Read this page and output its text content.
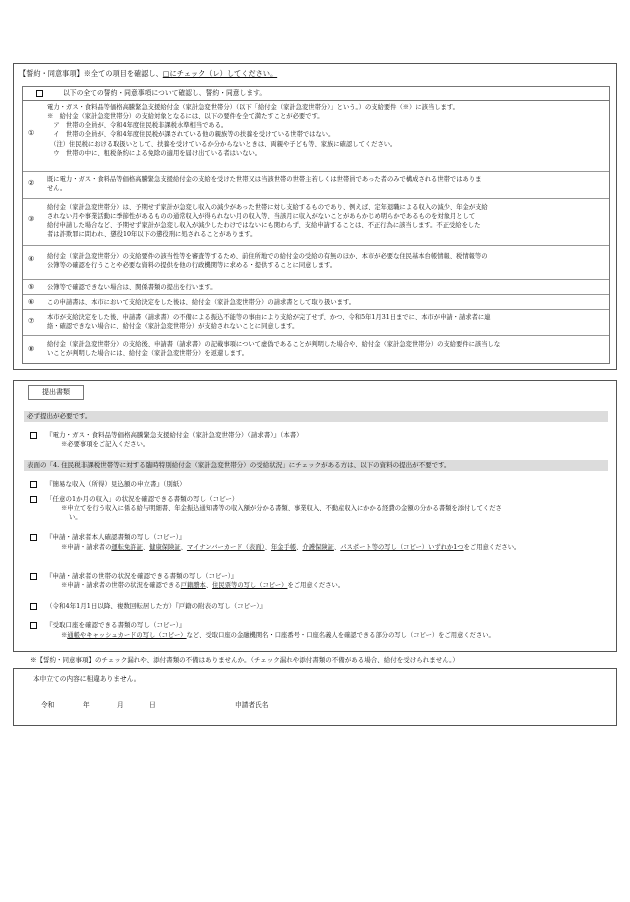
【誓約・同意事項】※全ての項目を確認し、□にチェック（レ）してください。
以下の全ての誓約・同意事項について確認し、誓約・同意します。
①

電力・ガス・食料品等価格高騰緊急支援給付金（家計急変世帯分）（以下「給付金（家計急変世帯分）」という。）の支給要件（※）に該当します。

※　給付金（家計急変世帯分）の支給対象となるには、以下の要件を全て満たすことが必要です。

　ア　世帯の全員が、令和4年度住民税非課税水準相当である。

　イ　世帯の全員が、令和4年度住民税が課されている他の親族等の扶養を受けている世帯ではない。

　（注）住民税における取扱いとして、扶養を受けているか分からないときは、両親や子ども等、家族に確認してください。

　ウ　世帯の中に、租税条約による免除の適用を届け出ている者はいない。

② 既に電力・ガス・食料品等価格高騰緊急支援給付金の支給を受けた世帯又は当該世帯の世帯主若しくは世帯員であった者のみで構成される世帯ではありま

せん。

③

給付金（家計急変世帯分）は、予期せず家計が急変し収入の減少があった世帯に対し支給するものであり、例えば、定年退職による収入の減少、年金が支給

されない月や事業活動に季節性があるものの通常収入が得られない月の収入等、当該月に収入がないことがあらかじめ明らかであるものを対象月として

給付申請した場合など、予期せず家計が急変し収入が減少したわけではないにも関わらず、支給申請することは、不正行為に該当します。不正受給をした

者は詐欺罪に問われ、懲役10年以下の懲役刑に処されることがあります。

④ 給付金（家計急変世帯分）の支給要件の該当性等を審査等するため、前住所地での給付金の受給の有無のほか、本市が必要な住民基本台帳情報、税情報等の

公簿等の確認を行うことや必要な資料の提供を他の行政機関等に求める・提供することに同意します。

⑤ 公簿等で確認できない場合は、関係書類の提出を行います。
⑥ この申請書は、本市において支給決定をした後は、給付金（家計急変世帯分）の請求書として取り扱います。
⑦ 本市が支給決定をした後、申請書（請求書）の不備による振込不能等の事由により支給が完了せず、かつ、令和5年1月31日までに、本市が申請・請求者に連

絡・確認できない場合に、給付金（家計急変世帯分）が支給されないことに同意します。

⑧

給付金（家計急変世帯分）の支給後、申請書（請求書）の記載事項について虚偽であることが判明した場合や、給付金（家計急変世帯分）の支給要件に該当しな

いことが判明した場合には、給付金（家計急変世帯分）を返還します。

提出書類
必ず提出が必要です。
『電力・ガス・食料品等価格高騰緊急支援給付金（家計急変世帯分）（請求書）』（本書）
※必要事項をご記入ください。
表面の「4. 住民税非課税世帯等に対する臨時特別給付金（家計急変世帯分）の受給状況」にチェックがある方は、以下の資料の提出が不要です。
『簡易な収入（所得）見込額の申立書』（別紙）
「任意の1か月の収入」の状況を確認できる書類の写し（コピー）
※申立てを行う収入に係る給与明細書、年金振込通知書等の収入額が分かる書類、事業収入、不動産収入にかかる経費の金額の分かる書類を添付してくださ
い。
『申請・請求者本人確認書類の写し（コピー）』
※申請・請求者の運転免許証、健康保険証、マイナンバーカード（表面）、年金手帳、介護保険証、パスポート等の写し（コピー）いずれか1つをご用意ください。
『申請・請求者の世帯の状況を確認できる書類の写し（コピー）』
※申請・請求者の世帯の状況を確認できる戸籍謄本、住民票等の写し（コピー）をご用意ください。
（令和4年1月1日以降、複数回転居した方）『戸籍の附表の写し（コピー）』
『受取口座を確認できる書類の写し（コピー）』
※通帳やキャッシュカードの写し（コピー）など、受取口座の金融機関名・口座番号・口座名義人を確認できる部分の写し（コピー）をご用意ください。
※【誓約・同意事項】のチェック漏れや、添付書類の不備はありませんか。（チェック漏れや添付書類の不備がある場合、給付を受けられません。）
本申立ての内容に相違ありません。
令和	年	月	日	申請者氏名
